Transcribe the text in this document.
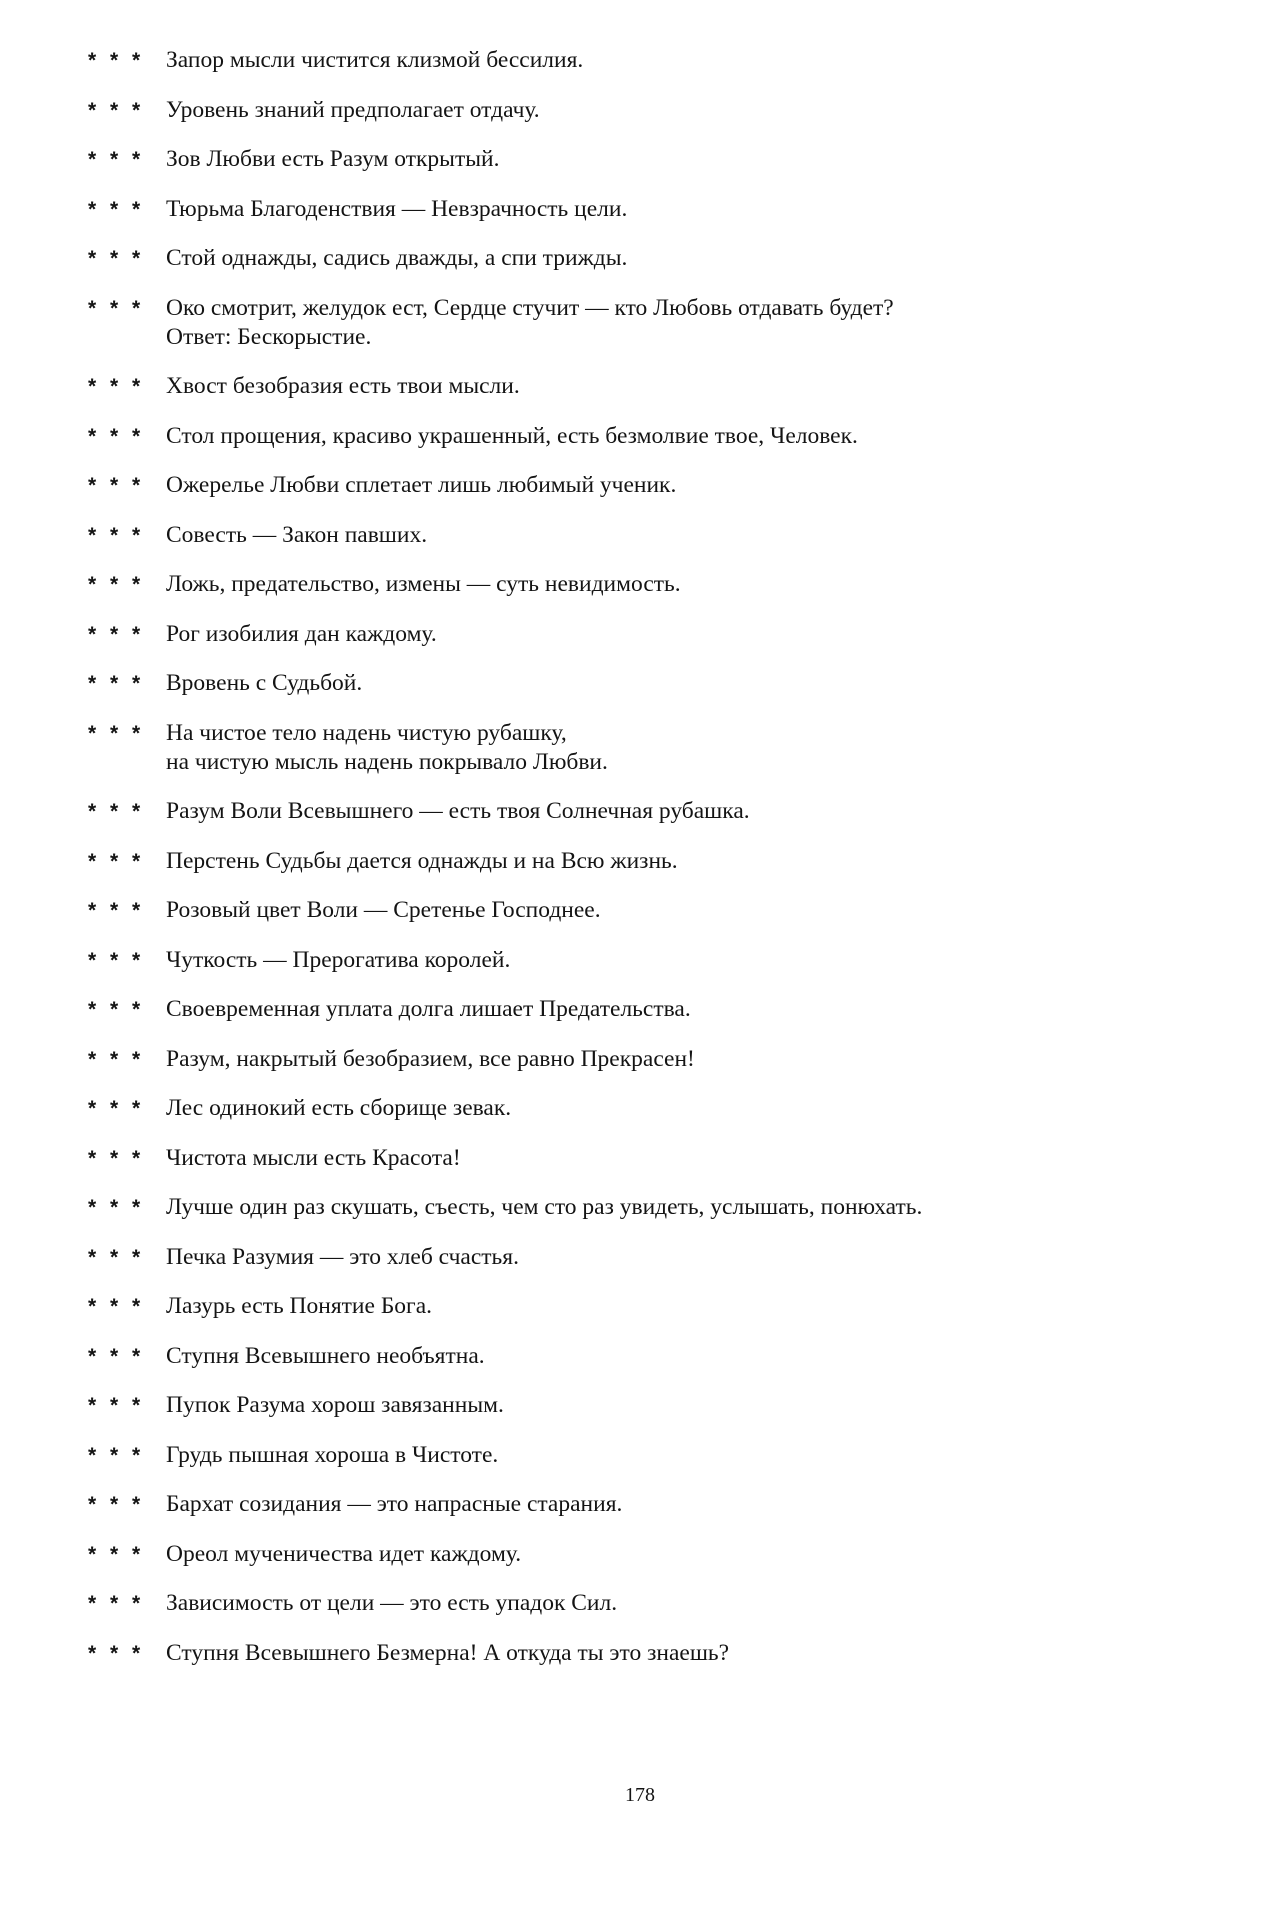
* * * Запор мысли чистится клизмой бессилия.
* * * Уровень знаний предполагает отдачу.
* * * Зов Любви есть Разум открытый.
* * * Тюрьма Благоденствия — Невзрачность цели.
* * * Стой однажды, садись дважды, а спи трижды.
* * * Око смотрит, желудок ест, Сердце стучит — кто Любовь отдавать будет?
Ответ: Бескорыстие.
* * * Хвост безобразия есть твои мысли.
* * * Стол прощения, красиво украшенный, есть безмолвие твое, Человек.
* * * Ожерелье Любви сплетает лишь любимый ученик.
* * * Совесть — Закон павших.
* * * Ложь, предательство, измены — суть невидимость.
* * * Рог изобилия дан каждому.
* * * Вровень с Судьбой.
* * * На чистое тело надень чистую рубашку,
на чистую мысль надень покрывало Любви.
* * * Разум Воли Всевышнего — есть твоя Солнечная рубашка.
* * * Перстень Судьбы дается однажды и на Всю жизнь.
* * * Розовый цвет Воли — Сретенье Господнее.
* * * Чуткость — Прерогатива королей.
* * * Своевременная уплата долга лишает Предательства.
* * * Разум, накрытый безобразием, все равно Прекрасен!
* * * Лес одинокий есть сборище зевак.
* * * Чистота мысли есть Красота!
* * * Лучше один раз скушать, съесть, чем сто раз увидеть, услышать, понюхать.
* * * Печка Разумия — это хлеб счастья.
* * * Лазурь есть Понятие Бога.
* * * Ступня Всевышнего необъятна.
* * * Пупок Разума хорош завязанным.
* * * Грудь пышная хороша в Чистоте.
* * * Бархат созидания — это напрасные старания.
* * * Ореол мученичества идет каждому.
* * * Зависимость от цели — это есть упадок Сил.
* * * Ступня Всевышнего Безмерна! А откуда ты это знаешь?
178
